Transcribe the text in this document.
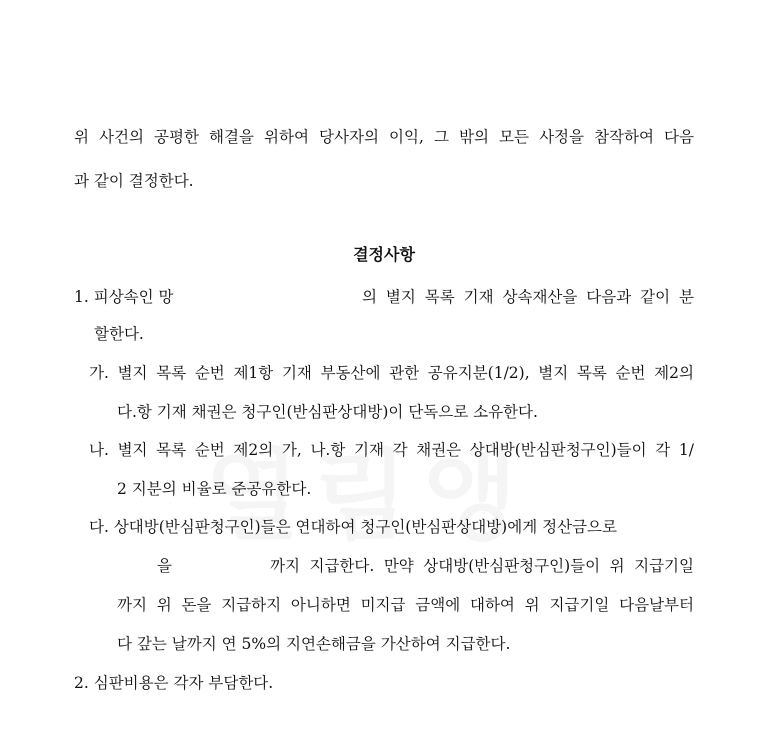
위 사건의 공평한 해결을 위하여 당사자의 이익, 그 밖의 모든 사정을 참작하여 다음
과 같이 결정한다.
결정사항
1. 피상속인 망	의 별지 목록 기재 상속재산을 다음과 같이 분
할한다.
가. 별지 목록 순번 제1항 기재 부동산에 관한 공유지분(1/2), 별지 목록 순번 제2의
다.항 기재 채권은 청구인(반심판상대방)이 단독으로 소유한다.
나. 별지 목록 순번 제2의 가, 나.항 기재 각 채권은 상대방(반심판청구인)들이 각 1/
2 지분의 비율로 준공유한다.
다. 상대방(반심판청구인)들은 연대하여 청구인(반심판상대방)에게 정산금으로
을	까지 지급한다. 만약 상대방(반심판청구인)들이 위 지급기일
까지 위 돈을 지급하지 아니하면 미지급 금액에 대하여 위 지급기일 다음날부터
다 갚는 날까지 연 5%의 지연손해금을 가산하여 지급한다.
2. 심판비용은 각자 부담한다.
